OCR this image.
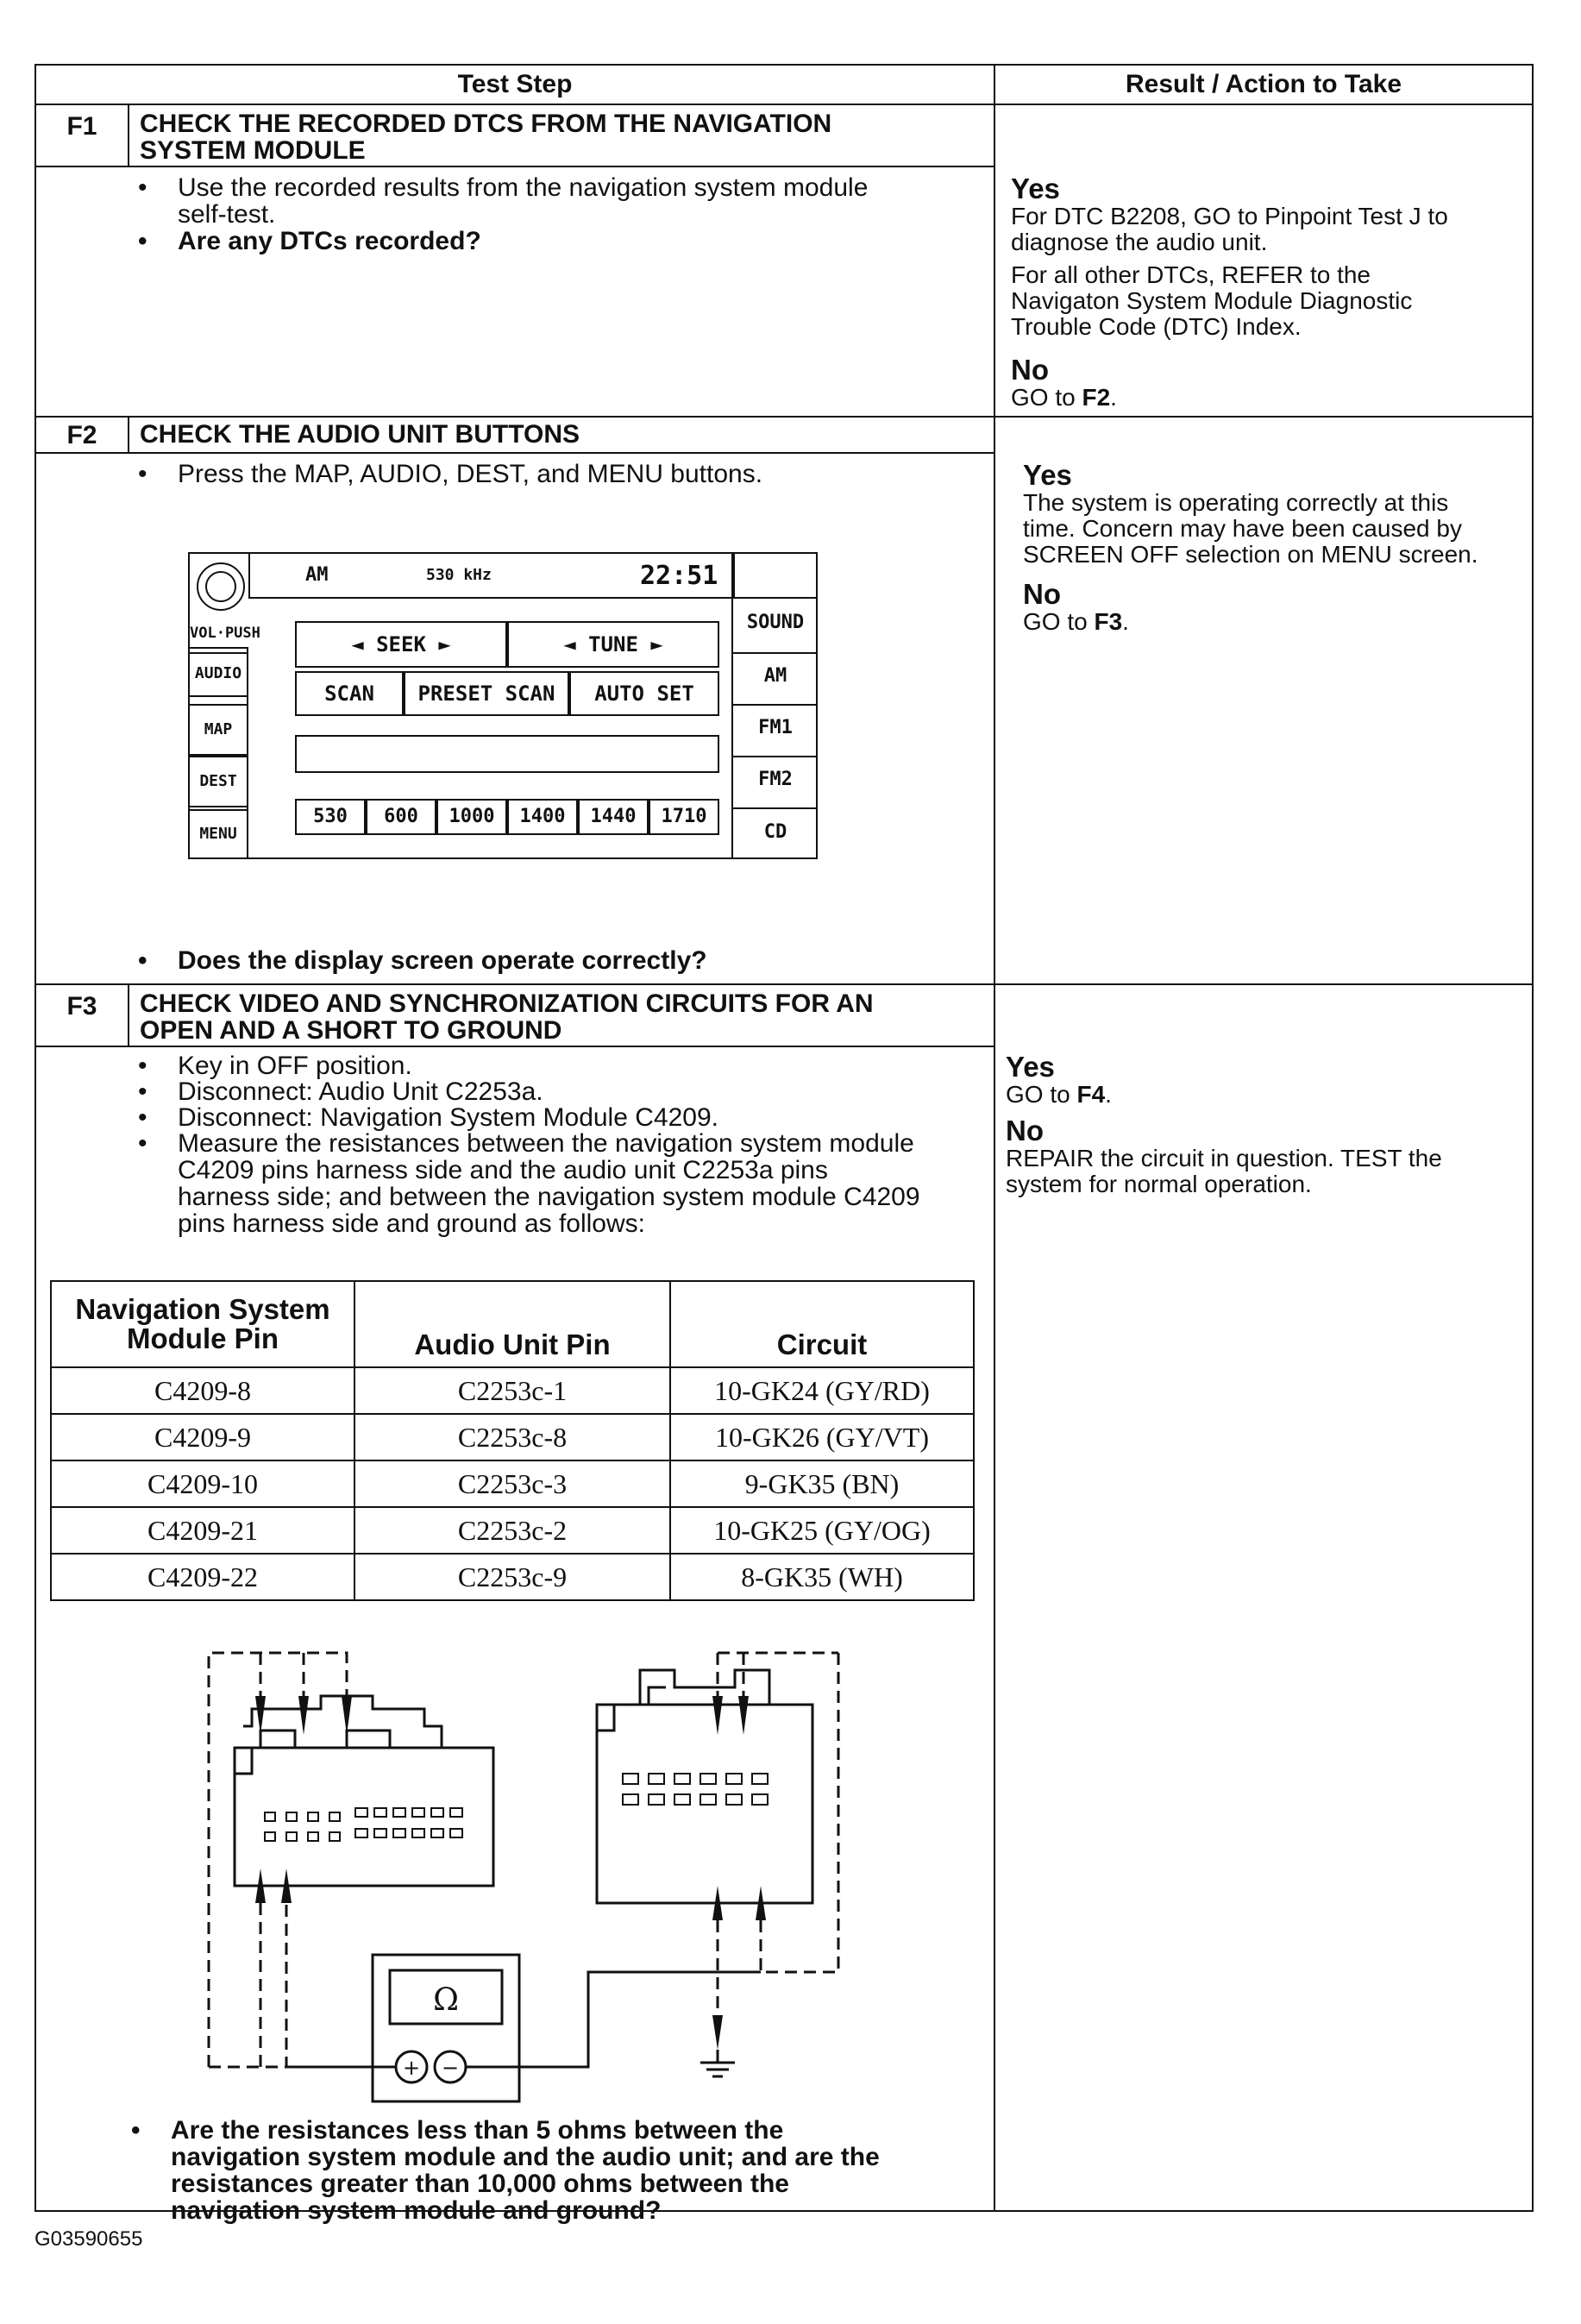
Test Step	Result / Action to Take
F1	CHECK THE RECORDED DTCS FROM THE NAVIGATION
SYSTEM MODULE
• Use the recorded results from the navigation system module
self-test.
• Are any DTCs recorded?
Yes
For DTC B2208, GO to Pinpoint Test J to
diagnose the audio unit.
For all other DTCs, REFER to the
Navigaton System Module Diagnostic
Trouble Code (DTC) Index.
No
GO to F2.
F2	CHECK THE AUDIO UNIT BUTTONS
• Press the MAP, AUDIO, DEST, and MENU buttons.
VOL·PUSH
AUDIO
MAP
DEST
MENU
AM	530 kHz	22:51
SOUND
AM
FM1
FM2
CD
◄ SEEK ►	◄ TUNE ►
SCAN	PRESET SCAN	AUTO SET
530	600	1000	1400	1440	1710
• Does the display screen operate correctly?
Yes
The system is operating correctly at this
time. Concern may have been caused by
SCREEN OFF selection on MENU screen.
No
GO to F3.
F3	CHECK VIDEO AND SYNCHRONIZATION CIRCUITS FOR AN
OPEN AND A SHORT TO GROUND
• Key in OFF position.
• Disconnect: Audio Unit C2253a.
• Disconnect: Navigation System Module C4209.
• Measure the resistances between the navigation system module
C4209 pins harness side and the audio unit C2253a pins
harness side; and between the navigation system module C4209
pins harness side and ground as follows:
Navigation System
Module Pin	Audio Unit Pin	Circuit
C4209-8	C2253c-1	10-GK24 (GY/RD)
C4209-9	C2253c-8	10-GK26 (GY/VT)
C4209-10	C2253c-3	9-GK35 (BN)
C4209-21	C2253c-2	10-GK25 (GY/OG)
C4209-22	C2253c-9	8-GK35 (WH)
Ω
+ −
• Are the resistances less than 5 ohms between the
navigation system module and the audio unit; and are the
resistances greater than 10,000 ohms between the
navigation system module and ground?
Yes
GO to F4.
No
REPAIR the circuit in question. TEST the
system for normal operation.
G03590655
